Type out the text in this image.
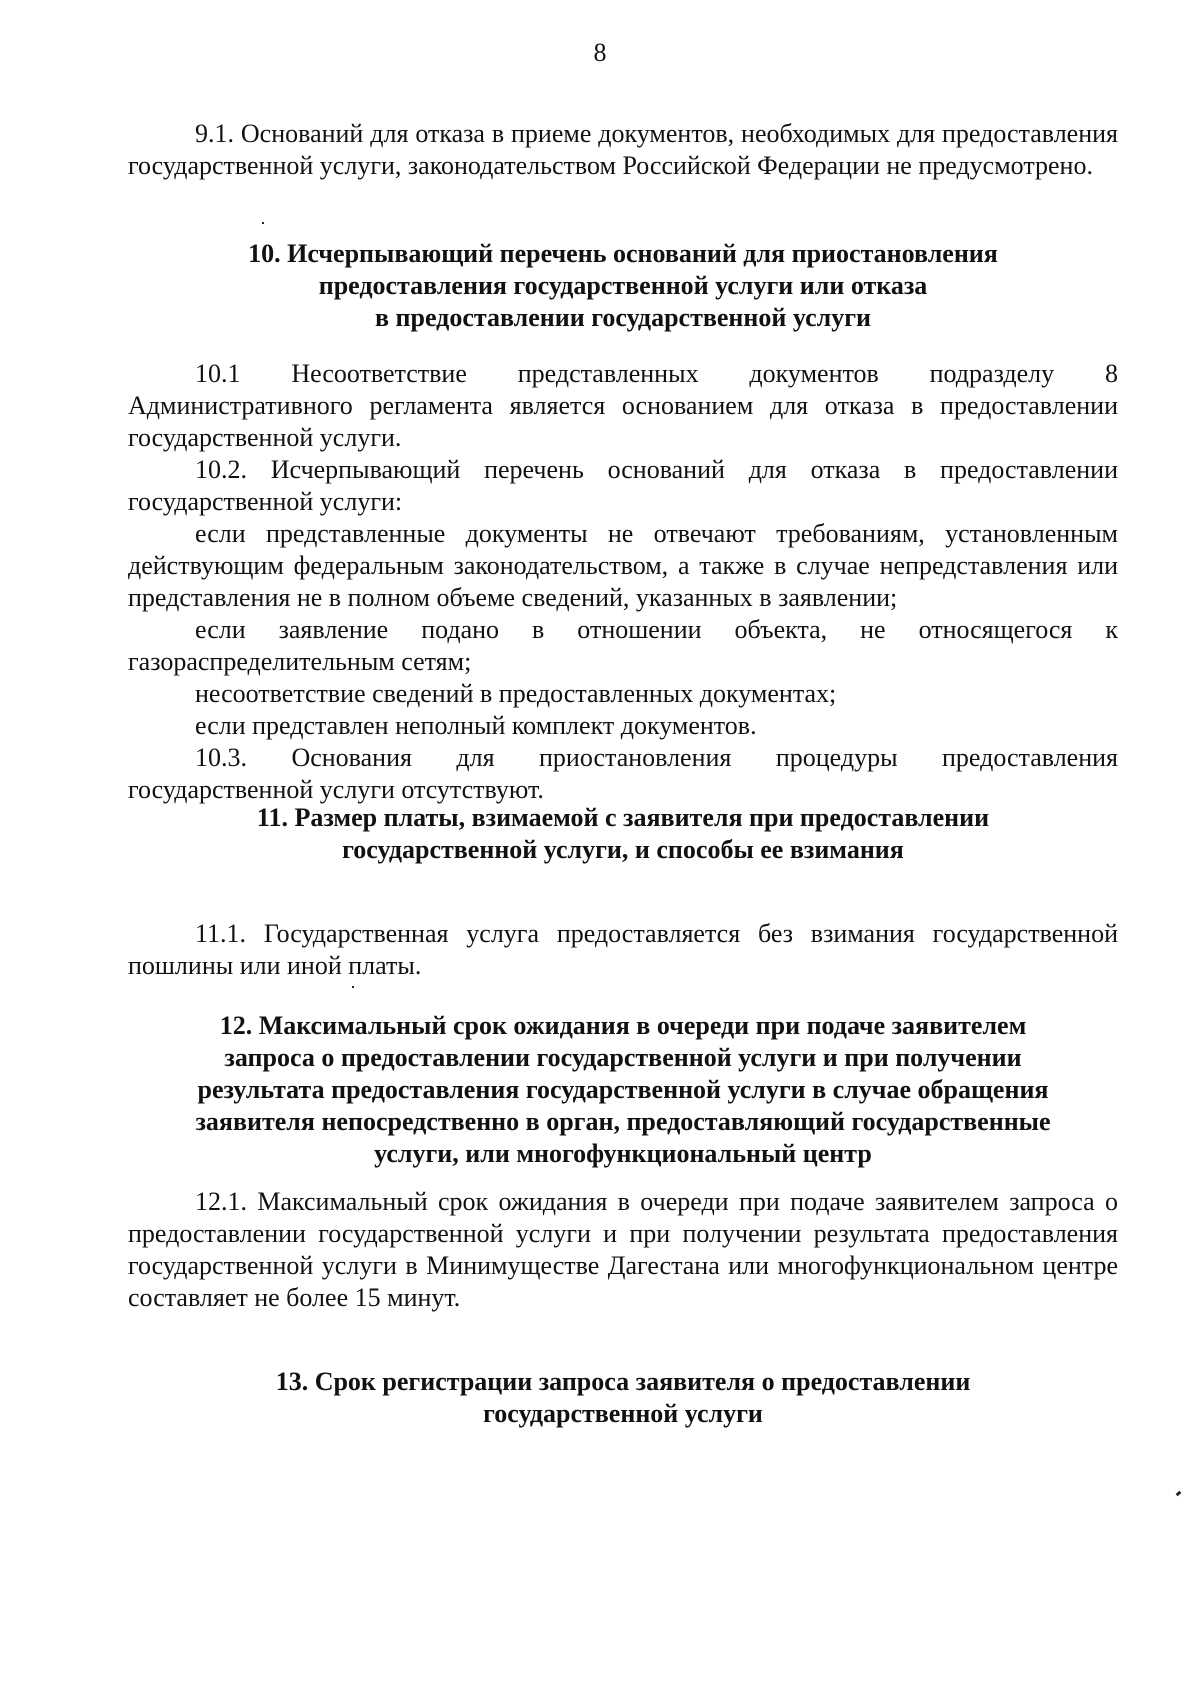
8

9.1. Оснований для отказа в приеме документов, необходимых для предоставления государственной услуги, законодательством Российской Федерации не предусмотрено.

10. Исчерпывающий перечень оснований для приостановления
предоставления государственной услуги или отказа
в предоставлении государственной услуги

10.1 Несоответствие представленных документов подразделу 8 Административного регламента является основанием для отказа в предоставлении государственной услуги.

10.2. Исчерпывающий перечень оснований для отказа в предоставлении государственной услуги:

если представленные документы не отвечают требованиям, установленным действующим федеральным законодательством, а также в случае непредставления или представления не в полном объеме сведений, указанных в заявлении;

если заявление подано в отношении объекта, не относящегося к газораспределительным сетям;

несоответствие сведений в предоставленных документах;

если представлен неполный комплект документов.

10.3. Основания для приостановления процедуры предоставления государственной услуги отсутствуют.

11. Размер платы, взимаемой с заявителя при предоставлении
государственной услуги, и способы ее взимания

11.1. Государственная услуга предоставляется без взимания государственной пошлины или иной платы.

12. Максимальный срок ожидания в очереди при подаче заявителем
запроса о предоставлении государственной услуги и при получении
результата предоставления государственной услуги в случае обращения
заявителя непосредственно в орган, предоставляющий государственные
услуги, или многофункциональный центр

12.1. Максимальный срок ожидания в очереди при подаче заявителем запроса о предоставлении государственной услуги и при получении результата предоставления государственной услуги в Минимуществе Дагестана или многофункциональном центре составляет не более 15 минут.

13. Срок регистрации запроса заявителя о предоставлении
государственной услуги
